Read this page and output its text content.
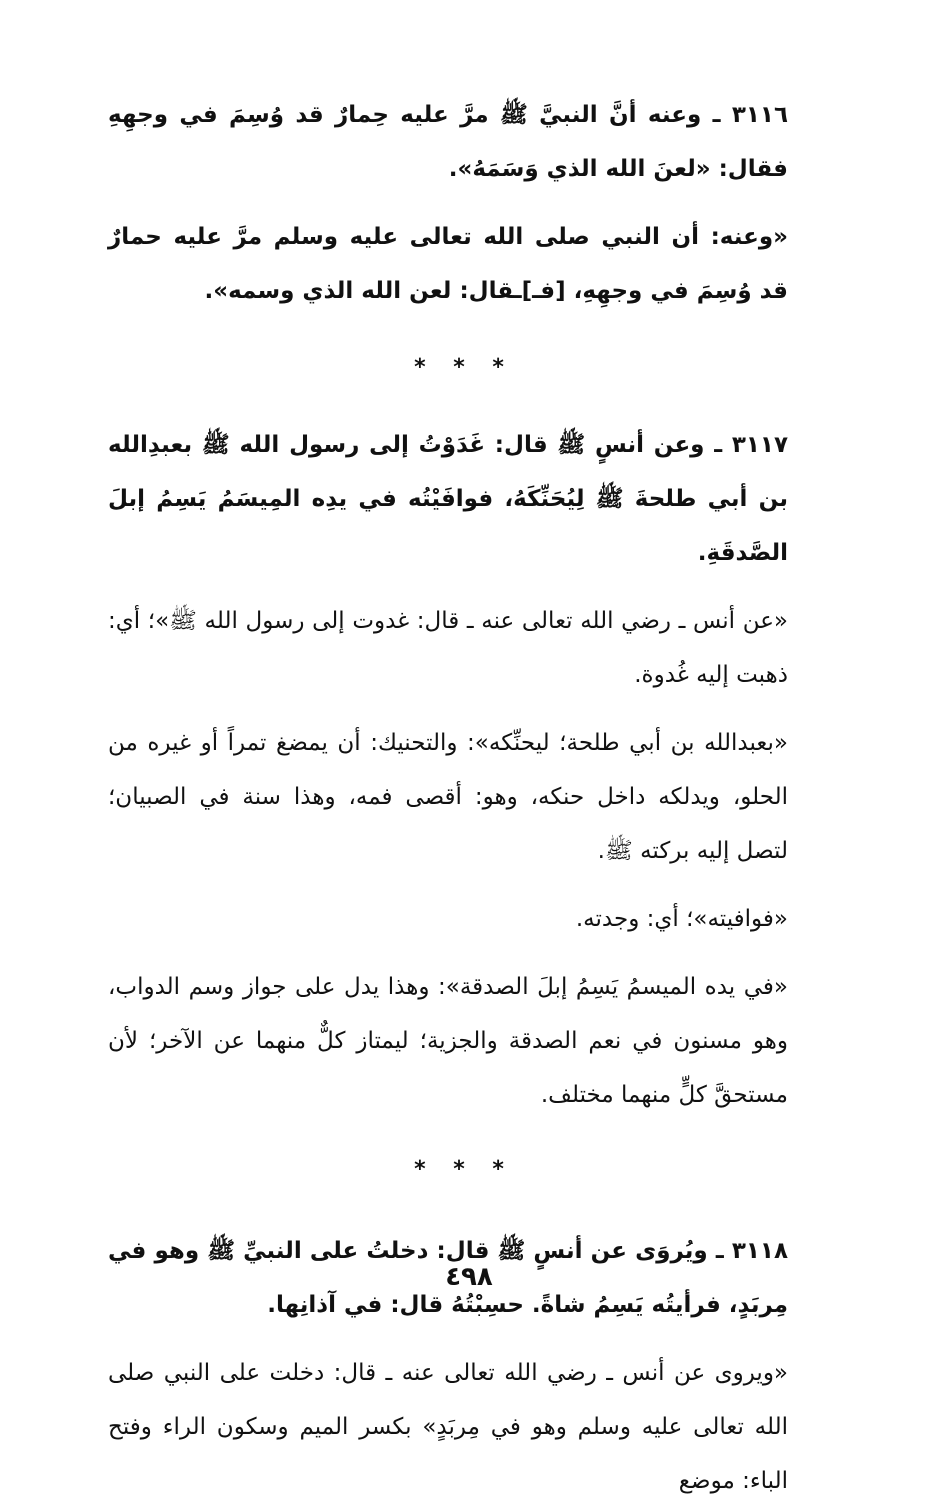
٣١١٦ ـ وعنه أنَّ النبيَّ ﷺ مرَّ عليه حِمارٌ قد وُسِمَ في وجهِهِ فقال: «لعنَ الله الذي وَسَمَهُ».

«وعنه: أن النبي صلى الله تعالى عليه وسلم مرَّ عليه حمارٌ قد وُسِمَ في وجهِهِ، [فـ]ـقال: لعن الله الذي وسمه».

* * *

٣١١٧ ـ وعن أنسٍ ﷺ قال: غَدَوْتُ إلى رسول الله ﷺ بعبدِالله بن أبي طلحةَ ﷺ لِيُحَنِّكَهُ، فوافَيْتُه في يدِه المِيسَمُ يَسِمُ إبلَ الصَّدقَةِ.

«عن أنس ـ رضي الله تعالى عنه ـ قال: غدوت إلى رسول الله ﷺ»؛ أي: ذهبت إليه غُدوة.

«بعبدالله بن أبي طلحة؛ ليحنِّكه»: والتحنيك: أن يمضغ تمراً أو غيره من الحلو، ويدلكه داخل حنكه، وهو: أقصى فمه، وهذا سنة في الصبيان؛ لتصل إليه بركته ﷺ.

«فوافيته»؛ أي: وجدته.

«في يده الميسمُ يَسِمُ إبلَ الصدقة»: وهذا يدل على جواز وسم الدواب، وهو مسنون في نعم الصدقة والجزية؛ ليمتاز كلٌّ منهما عن الآخر؛ لأن مستحقَّ كلٍّ منهما مختلف.

* * *

٣١١٨ ـ ويُروَى عن أنسٍ ﷺ قال: دخلتُ على النبيِّ ﷺ وهو في مِربَدٍ، فرأيتُه يَسِمُ شاةً. حسِبْتُهُ قال: في آذانِها.

«ويروى عن أنس ـ رضي الله تعالى عنه ـ قال: دخلت على النبي صلى الله تعالى عليه وسلم وهو في مِربَدٍ» بكسر الميم وسكون الراء وفتح الباء: موضع

٤٩٨
